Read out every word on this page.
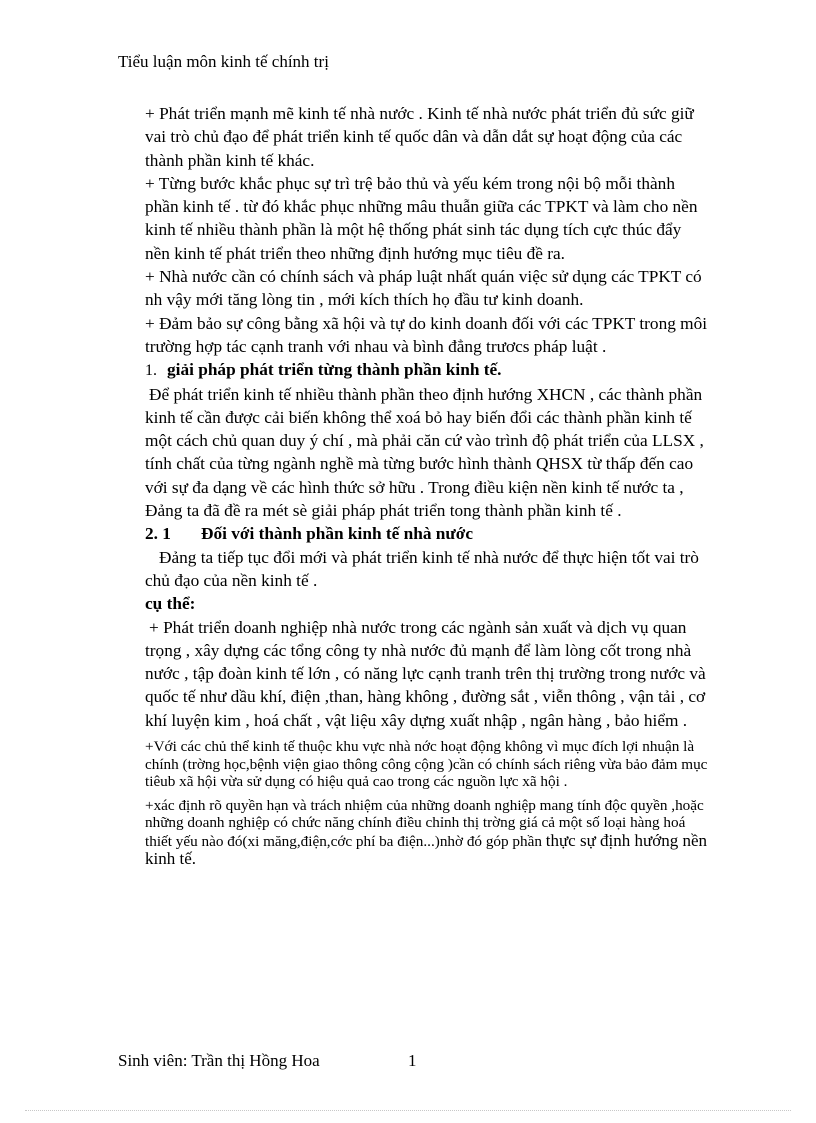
Tiểu luận môn kinh tế chính trị

+ Phát triển mạnh mẽ kinh tế nhà nước . Kinh tế nhà nước phát triển đủ sức giữ vai trò chủ đạo để phát triển kinh tế quốc dân và dẫn dắt sự hoạt động của các thành phần kinh tế khác.

+ Từng bước khắc phục sự trì trệ bảo thủ và yếu kém trong nội bộ mỗi thành phần kinh tế . từ đó khắc phục những mâu thuẫn giữa các TPKT và làm cho nền kinh tế nhiều thành phần là một hệ thống phát sinh tác dụng tích cực thúc đẩy nền kinh tế phát triển theo những định hướng mục tiêu đề ra.

+ Nhà nước cần có chính sách và pháp luật nhất quán việc sử dụng các TPKT có nh vậy mới tăng lòng tin , mới kích thích họ đầu tư kinh doanh.

+ Đảm bảo sự công bằng xã hội và tự do kinh doanh đối với các TPKT trong môi trường hợp tác cạnh tranh với nhau và bình đẳng trươcs pháp luật .

1. giải pháp phát triển từng thành phần kinh tế.

Để phát triển kinh tế nhiều thành phần theo định hướng XHCN , các thành phần kinh tế cần được cải biến không thể xoá bỏ hay biến đổi các thành phần kinh tế một cách chủ quan duy ý chí , mà phải căn cứ vào trình độ phát triển của LLSX , tính chất của từng ngành nghề mà từng bước hình thành QHSX từ thấp đến cao với sự đa dạng về các hình thức sở hữu . Trong điều kiện nền kinh tế nước ta , Đảng ta đã đề ra mét sè giải pháp phát triển tong thành phần kinh tế .

2. 1 Đối với thành phần kinh tế nhà nước

Đảng ta tiếp tục đổi mới và phát triển kinh tế nhà nước để thực hiện tốt vai trò chủ đạo của nền kinh tế .

cụ thể:

+ Phát triển doanh nghiệp nhà nước trong các ngành sản xuất và dịch vụ quan trọng , xây dựng các tổng công ty nhà nước đủ mạnh để làm lòng cốt trong nhà nước , tập đoàn kinh tế lớn , có năng lực cạnh tranh trên thị trường trong nước và quốc tế như dầu khí, điện ,than, hàng không , đường sắt , viễn thông , vận tải , cơ khí luyện kim , hoá chất , vật liệu xây dựng xuất nhập , ngân hàng , bảo hiểm .

+Với các chủ thể kinh tế thuộc khu vực nhà nớc hoạt động không vì mục đích lợi nhuận là chính (trờng học,bệnh viện giao thông công cộng )cần có chính sách riêng vừa bảo đảm mục tiêub xã hội vừa sử dụng có hiệu quả cao trong các nguồn lực xã hội .

+xác định rõ quyền hạn và trách nhiệm của những doanh nghiệp mang tính độc quyền ,hoặc những doanh nghiệp có chức năng chính điều chỉnh thị trờng giá cả một số loại hàng hoá thiết yếu nào đó(xi măng,điện,cớc phí ba điện...)nhờ đó góp phần thực sự định hướng nền kinh tế.

Sinh viên: Trần thị Hồng Hoa	1
